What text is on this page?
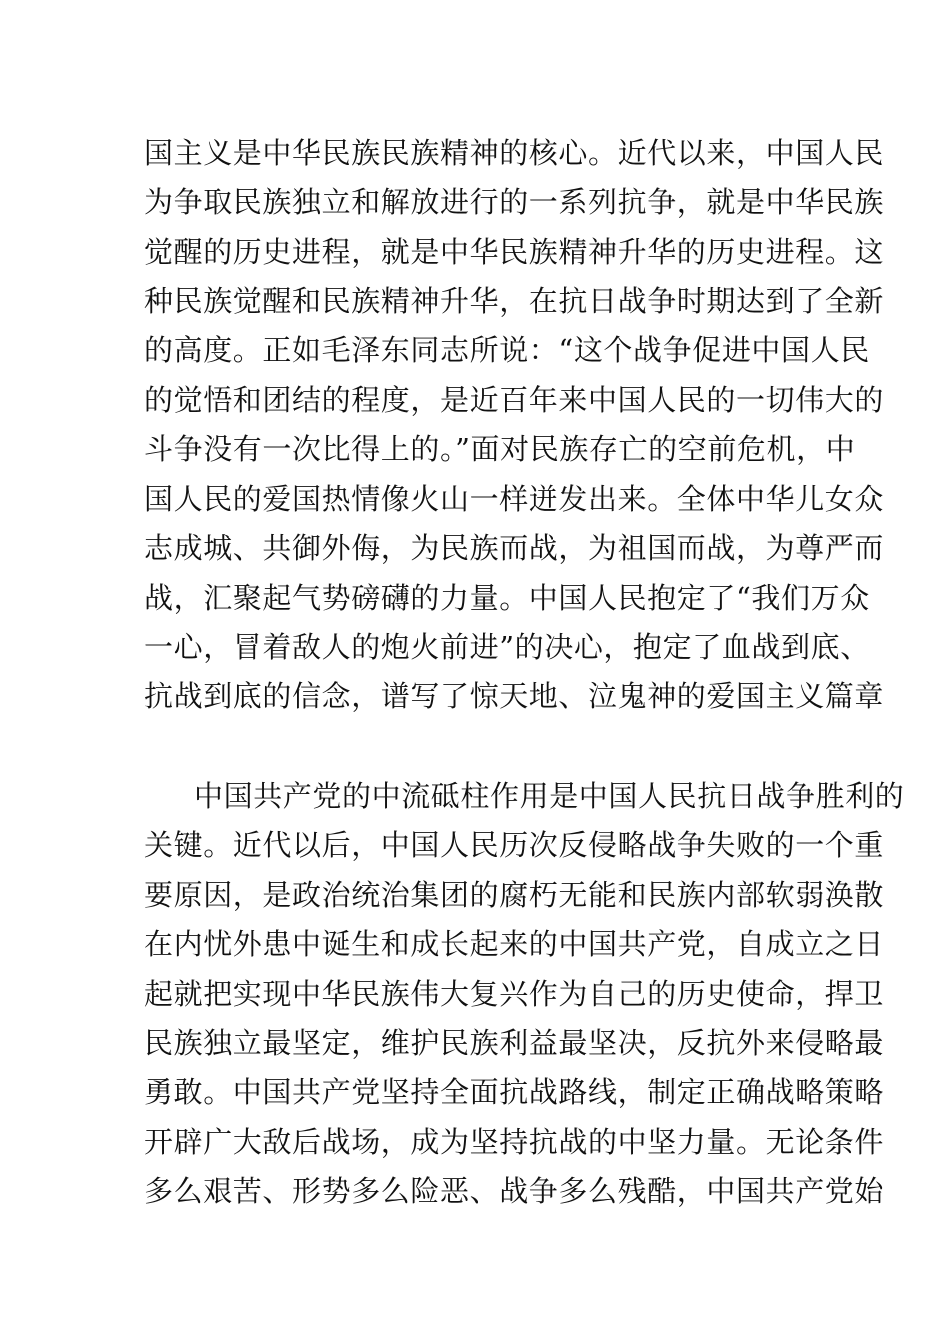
国主义是中华民族民族精神的核心。近代以来，中国人民
为争取民族独立和解放进行的一系列抗争，就是中华民族
觉醒的历史进程，就是中华民族精神升华的历史进程。这
种民族觉醒和民族精神升华，在抗日战争时期达到了全新
的高度。正如毛泽东同志所说：“这个战争促进中国人民
的觉悟和团结的程度，是近百年来中国人民的一切伟大的
斗争没有一次比得上的。”面对民族存亡的空前危机，中
国人民的爱国热情像火山一样迸发出来。全体中华儿女众
志成城、共御外侮，为民族而战，为祖国而战，为尊严而
战，汇聚起气势磅礴的力量。中国人民抱定了“我们万众
一心，冒着敌人的炮火前进”的决心，抱定了血战到底、
抗战到底的信念，谱写了惊天地、泣鬼神的爱国主义篇章
中国共产党的中流砥柱作用是中国人民抗日战争胜利的
关键。近代以后，中国人民历次反侵略战争失败的一个重
要原因，是政治统治集团的腐朽无能和民族内部软弱涣散
在内忧外患中诞生和成长起来的中国共产党，自成立之日
起就把实现中华民族伟大复兴作为自己的历史使命，捍卫
民族独立最坚定，维护民族利益最坚决，反抗外来侵略最
勇敢。中国共产党坚持全面抗战路线，制定正确战略策略
开辟广大敌后战场，成为坚持抗战的中坚力量。无论条件
多么艰苦、形势多么险恶、战争多么残酷，中国共产党始
